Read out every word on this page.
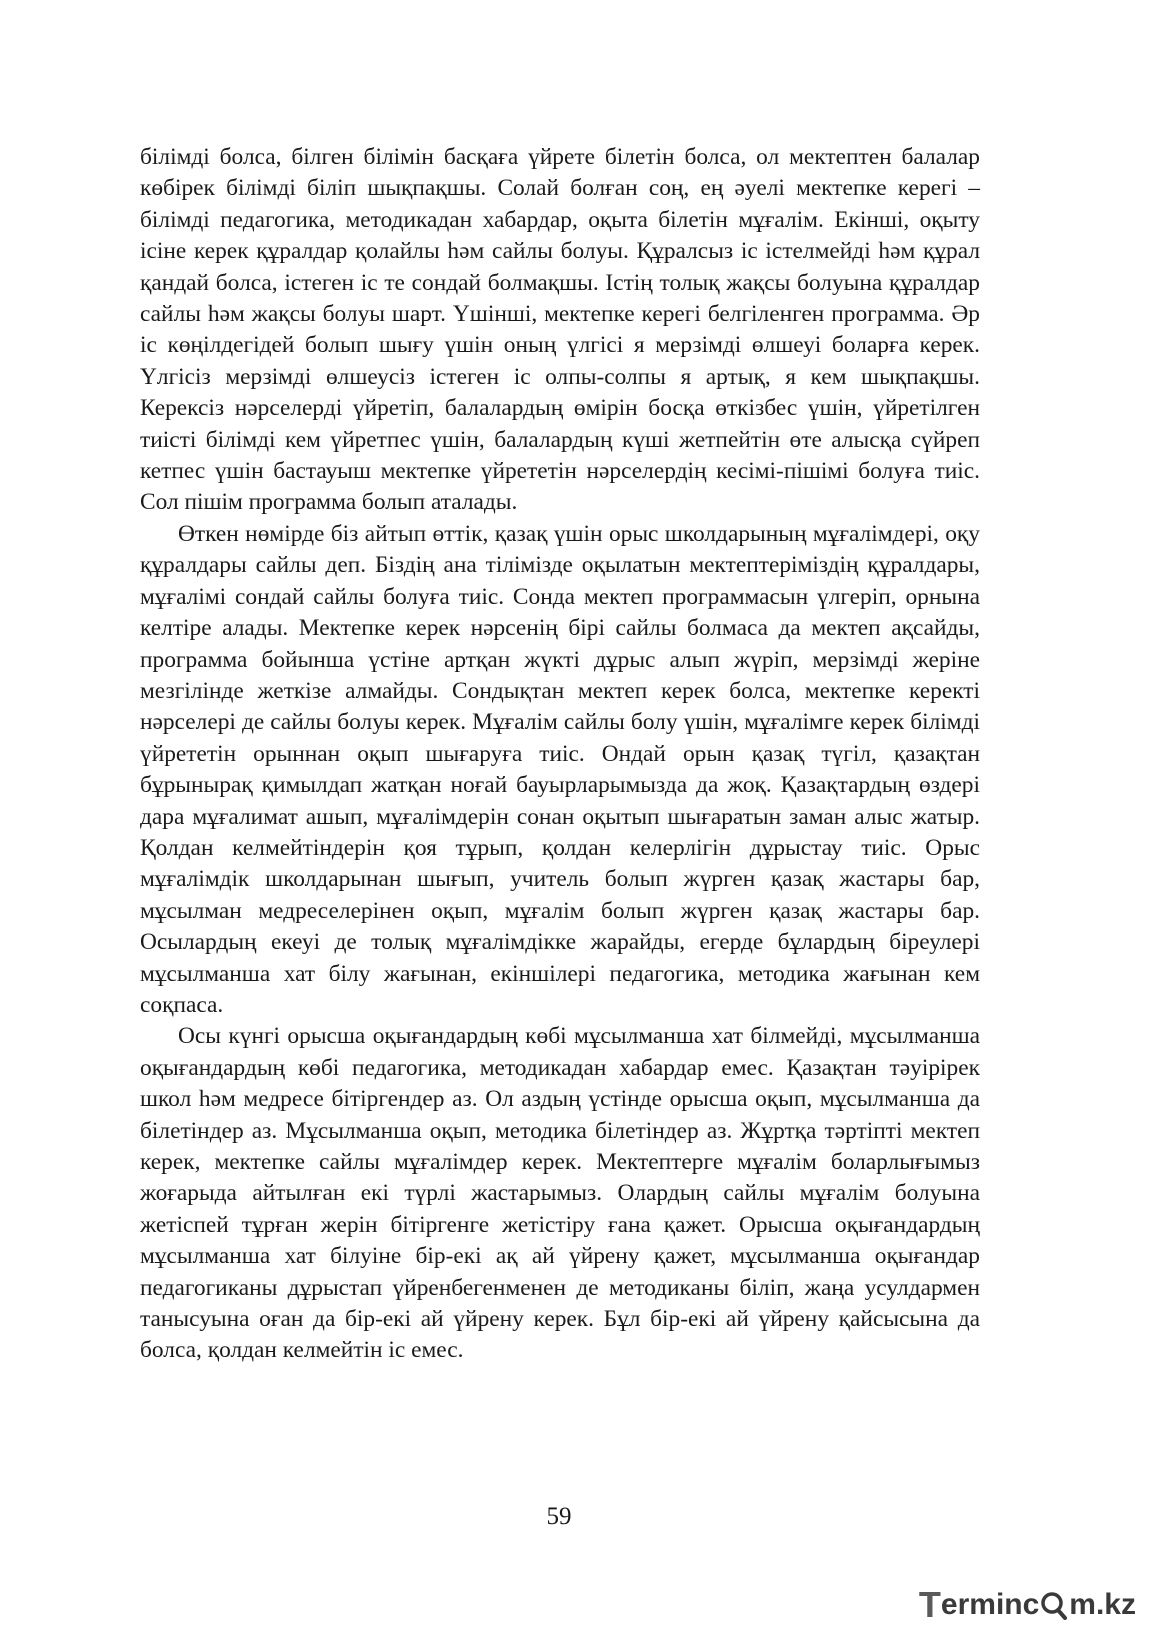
білімді болса, білген білімін басқаға үйрете білетін болса, ол мектептен балалар көбірек білімді біліп шықпақшы. Солай болған соң, ең әуелі мектепке керегі – білімді педагогика, методикадан хабардар, оқыта білетін мұғалім. Екінші, оқыту ісіне керек құралдар қолайлы һәм сайлы болуы. Құралсыз іс істелмейді һәм құрал қандай болса, істеген іс те сондай болмақшы. Істің толық жақсы болуына құралдар сайлы һәм жақсы болуы шарт. Үшінші, мектепке керегі белгіленген программа. Әр іс көңілдегідей болып шығу үшін оның үлгісі я мерзімді өлшеуі боларға керек. Үлгісіз мерзімді өлшеусіз істеген іс олпы-солпы я артық, я кем шықпақшы. Керексіз нәрселерді үйретіп, балалардың өмірін босқа өткізбес үшін, үйретілген тиісті білімді кем үйретпес үшін, балалардың күші жетпейтін өте алысқа сүйреп кетпес үшін бастауыш мектепке үйрететін нәрселердің кесімі-пішімі болуға тиіс. Сол пішім программа болып аталады.

Өткен нөмірде біз айтып өттік, қазақ үшін орыс школдарының мұғалімдері, оқу құралдары сайлы деп. Біздің ана тілімізде оқылатын мектептеріміздің құралдары, мұғалімі сондай сайлы болуға тиіс. Сонда мектеп программасын үлгеріп, орнына келтіре алады. Мектепке керек нәрсенің бірі сайлы болмаса да мектеп ақсайды, программа бойынша үстіне артқан жүкті дұрыс алып жүріп, мерзімді жеріне мезгілінде жеткізе алмайды. Сондықтан мектеп керек болса, мектепке керекті нәрселері де сайлы болуы керек. Мұғалім сайлы болу үшін, мұғалімге керек білімді үйрететін орыннан оқып шығаруға тиіс. Ондай орын қазақ түгіл, қазақтан бұрынырақ қимылдап жатқан ноғай бауырларымызда да жоқ. Қазақтардың өздері дара мұғалимат ашып, мұғалімдерін сонан оқытып шығаратын заман алыс жатыр. Қолдан келмейтіндерін қоя тұрып, қолдан келерлігін дұрыстау тиіс. Орыс мұғалімдік школдарынан шығып, учитель болып жүрген қазақ жастары бар, мұсылман медреселерінен оқып, мұғалім болып жүрген қазақ жастары бар. Осылардың екеуі де толық мұғалімдікке жарайды, егерде бұлардың біреулері мұсылманша хат білу жағынан, екіншілері педагогика, методика жағынан кем соқпаса.

Осы күнгі орысша оқығандардың көбі мұсылманша хат білмейді, мұсылманша оқығандардың көбі педагогика, методикадан хабардар емес. Қазақтан тәуірірек школ һәм медресе бітіргендер аз. Ол аздың үстінде орысша оқып, мұсылманша да білетіндер аз. Мұсылманша оқып, методика білетіндер аз. Жұртқа тәртіпті мектеп керек, мектепке сайлы мұғалімдер керек. Мектептерге мұғалім боларлығымыз жоғарыда айтылған екі түрлі жастарымыз. Олардың сайлы мұғалім болуына жетіспей тұрған жерін бітіргенге жетістіру ғана қажет. Орысша оқығандардың мұсылманша хат білуіне бір-екі ақ ай үйрену қажет, мұсылманша оқығандар педагогиканы дұрыстап үйренбегенменен де методиканы біліп, жаңа усулдармен танысуына оған да бір-екі ай үйрену керек. Бұл бір-екі ай үйрену қайсысына да болса, қолдан келмейтін іс емес.

59
T erminc m.kz
